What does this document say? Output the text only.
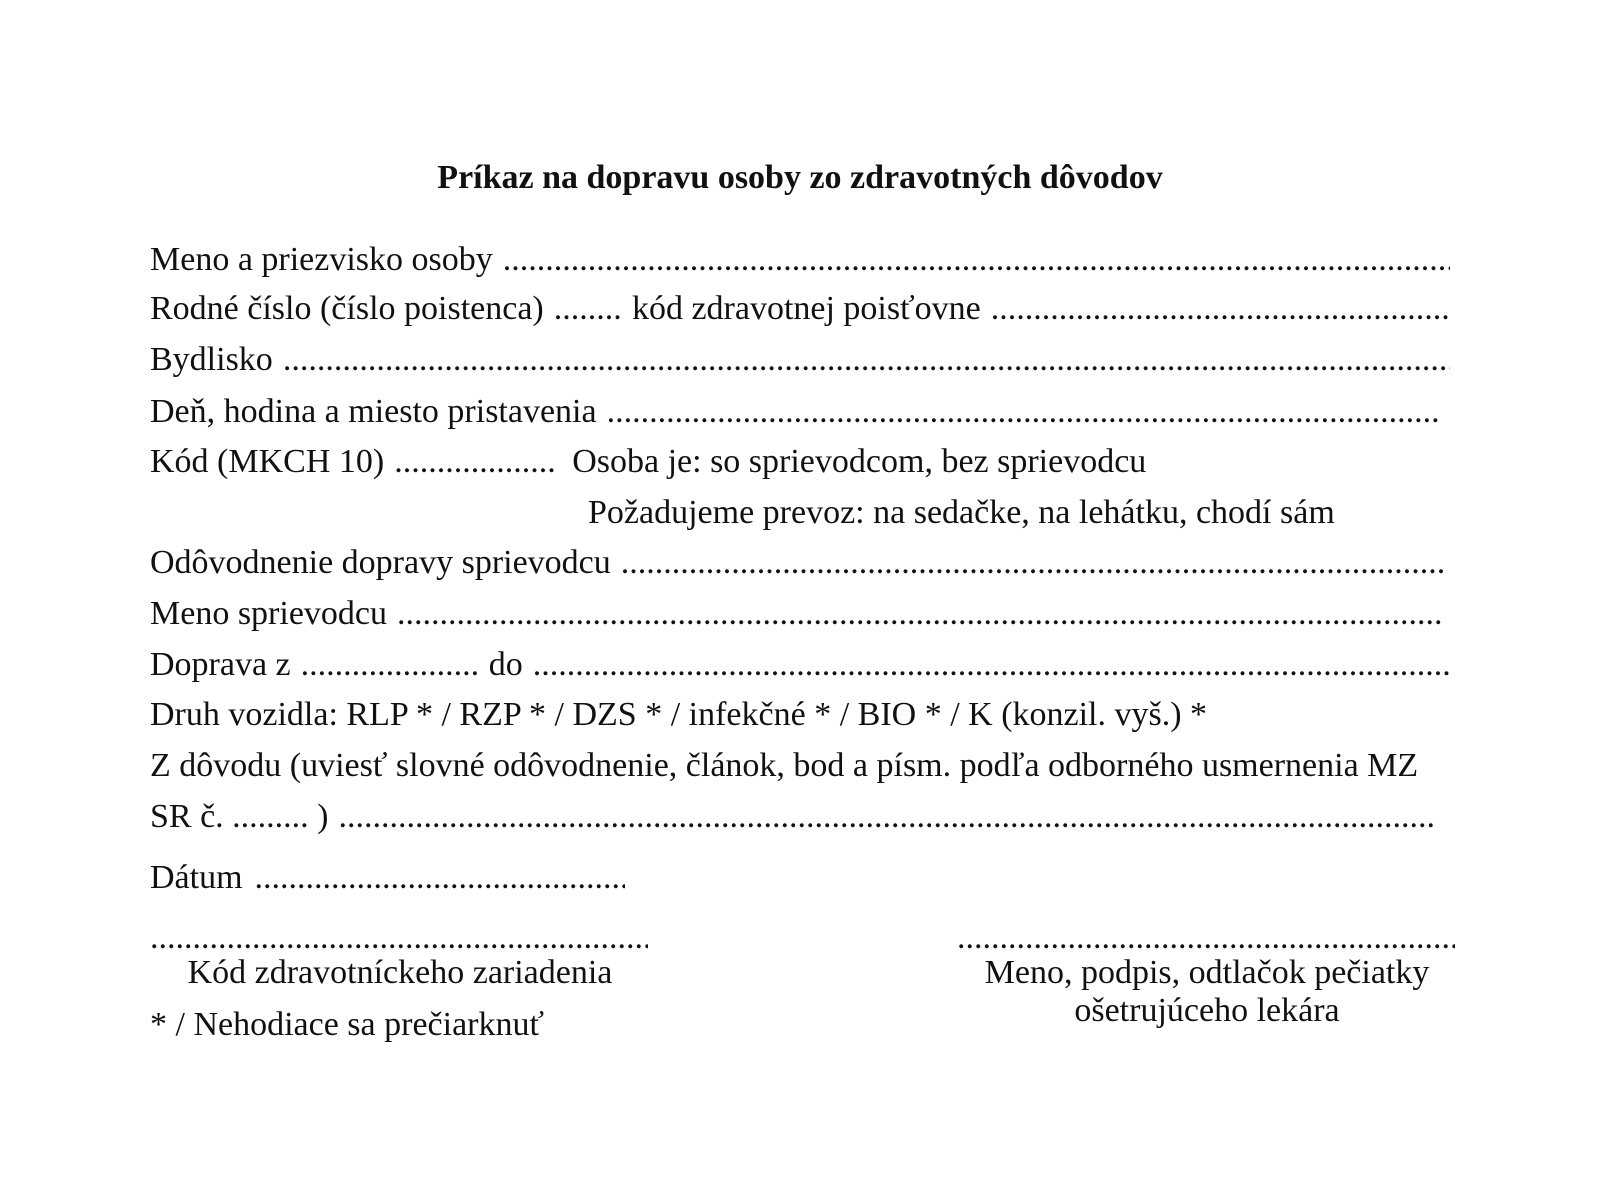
Príkaz na dopravu osoby zo zdravotných dôvodov
Meno a priezvisko osoby
.....
Rodné číslo (číslo poistenca) .....	kód zdravotnej poisťovne
.....
Bydlisko
.....
Deň, hodina a miesto pristavenia
.....
Kód (MKCH 10) .....	Osoba je: so sprievodcom, bez sprievodcu
Požadujeme prevoz: na sedačke, na lehátku, chodí sám
Odôvodnenie dopravy sprievodcu
.....
Meno sprievodcu
.....
Doprava z .....	do
.....
Druh vozidla: RLP * / RZP * / DZS * / infekčné * / BIO * / K (konzil. vyš.) *
Z dôvodu (uviesť slovné odôvodnenie, článok, bod a písm. podľa odborného usmernenia MZ
SR č. ......... )
.....
Dátum
.....
.....
.....
Kód zdravotníckeho zariadenia	Meno, podpis, odtlačok pečiatky
ošetrujúceho lekára
* / Nehodiace sa prečiarknuť
